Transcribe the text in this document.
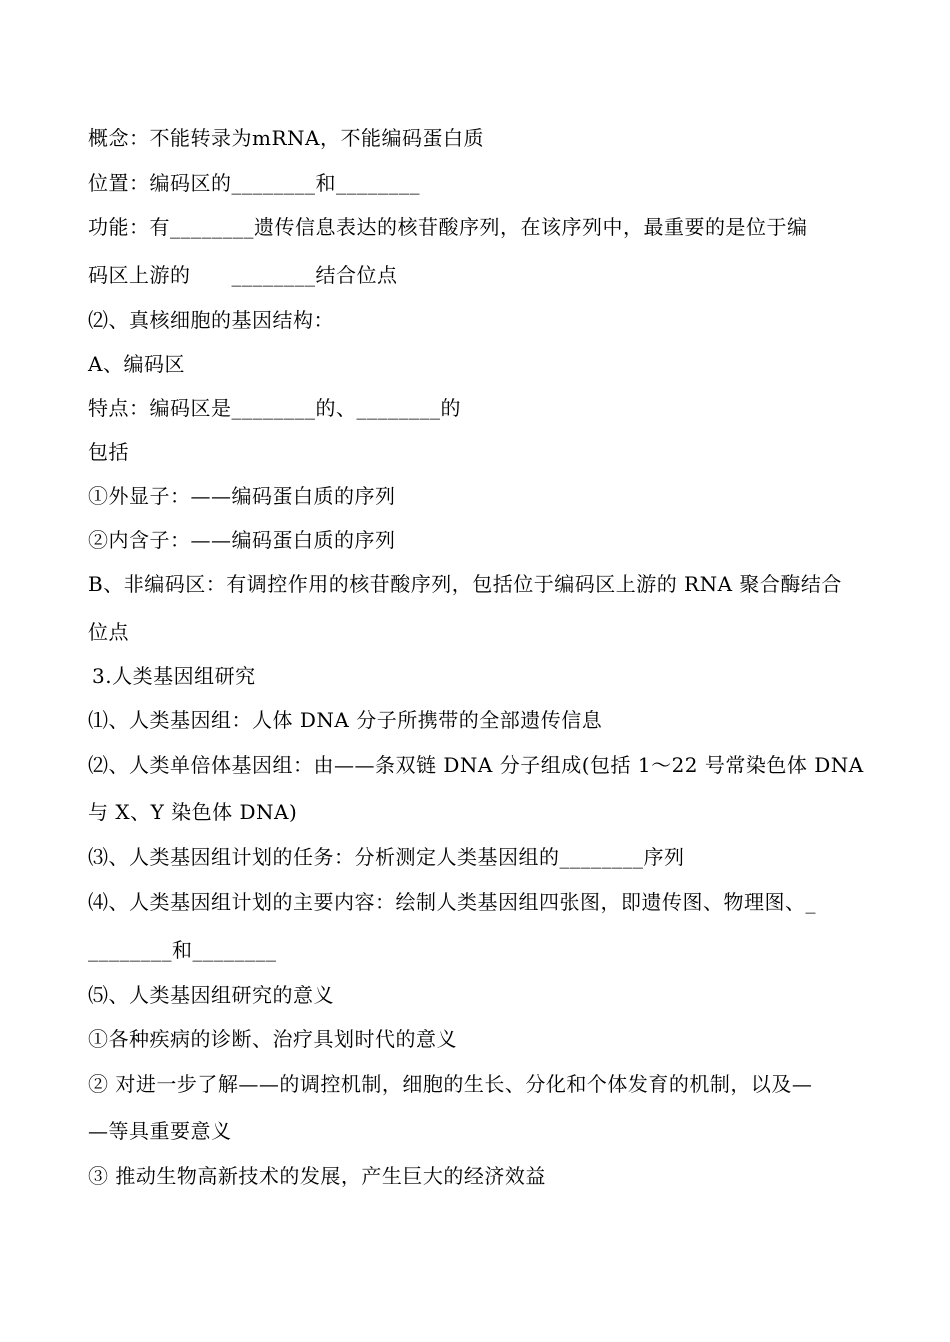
概念：不能转录为mRNA，不能编码蛋白质
位置：编码区的________和________
功能：有________遗传信息表达的核苷酸序列，在该序列中，最重要的是位于编
码区上游的　　________结合位点
⑵、真核细胞的基因结构：
A、编码区
特点：编码区是________的、________的
包括
①外显子：——编码蛋白质的序列
②内含子：——编码蛋白质的序列
B、非编码区：有调控作用的核苷酸序列，包括位于编码区上游的 RNA 聚合酶结合
位点
3.人类基因组研究
⑴、人类基因组：人体 DNA 分子所携带的全部遗传信息
⑵、人类单倍体基因组：由——条双链 DNA 分子组成(包括 1～22 号常染色体 DNA
与 X、Y 染色体 DNA)
⑶、人类基因组计划的任务：分析测定人类基因组的________序列
⑷、人类基因组计划的主要内容：绘制人类基因组四张图，即遗传图、物理图、_
________和________
⑸、人类基因组研究的意义
①各种疾病的诊断、治疗具划时代的意义
② 对进一步了解——的调控机制，细胞的生长、分化和个体发育的机制，以及—
—等具重要意义
③ 推动生物高新技术的发展，产生巨大的经济效益
